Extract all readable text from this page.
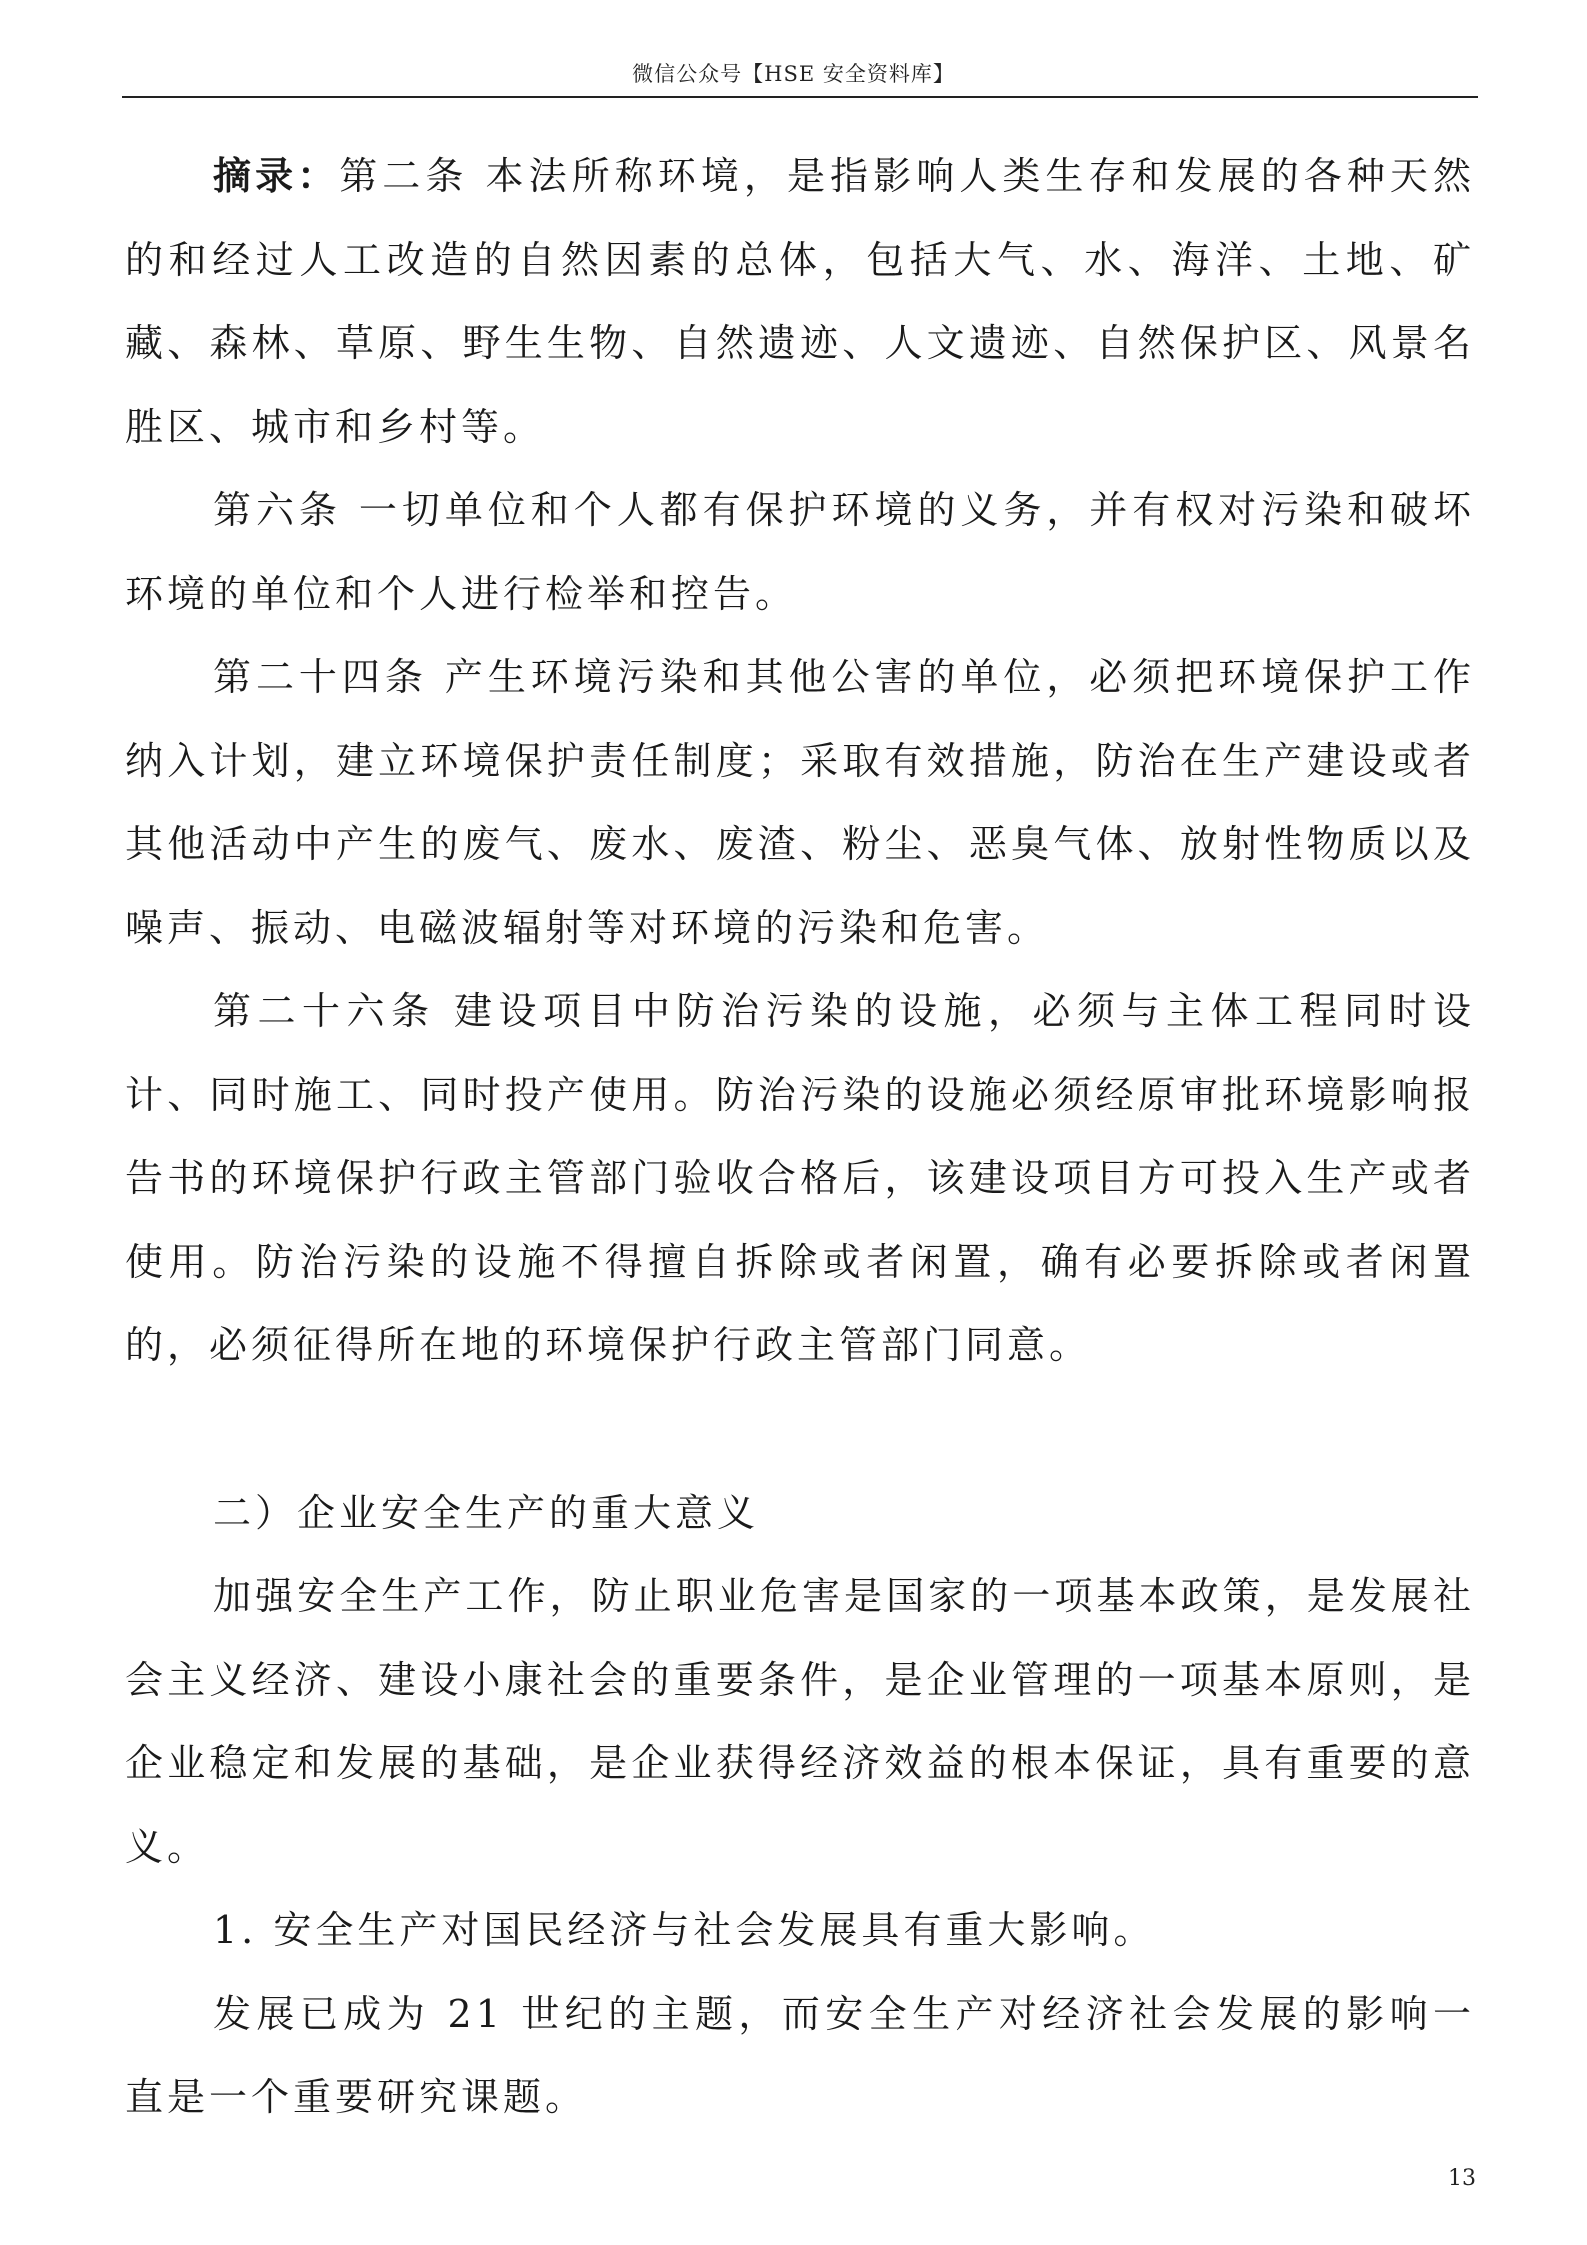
微信公众号【HSE 安全资料库】

摘录：第二条 本法所称环境，是指影响人类生存和发展的各种天然的和经过人工改造的自然因素的总体，包括大气、水、海洋、土地、矿藏、森林、草原、野生生物、自然遗迹、人文遗迹、自然保护区、风景名胜区、城市和乡村等。

第六条 一切单位和个人都有保护环境的义务，并有权对污染和破坏环境的单位和个人进行检举和控告。

第二十四条 产生环境污染和其他公害的单位，必须把环境保护工作纳入计划，建立环境保护责任制度；采取有效措施，防治在生产建设或者其他活动中产生的废气、废水、废渣、粉尘、恶臭气体、放射性物质以及噪声、振动、电磁波辐射等对环境的污染和危害。

第二十六条 建设项目中防治污染的设施，必须与主体工程同时设计、同时施工、同时投产使用。防治污染的设施必须经原审批环境影响报告书的环境保护行政主管部门验收合格后，该建设项目方可投入生产或者使用。防治污染的设施不得擅自拆除或者闲置，确有必要拆除或者闲置的，必须征得所在地的环境保护行政主管部门同意。

二）企业安全生产的重大意义

加强安全生产工作，防止职业危害是国家的一项基本政策，是发展社会主义经济、建设小康社会的重要条件，是企业管理的一项基本原则，是企业稳定和发展的基础，是企业获得经济效益的根本保证，具有重要的意义。

1. 安全生产对国民经济与社会发展具有重大影响。

发展已成为 21 世纪的主题，而安全生产对经济社会发展的影响一直是一个重要研究课题。

13
